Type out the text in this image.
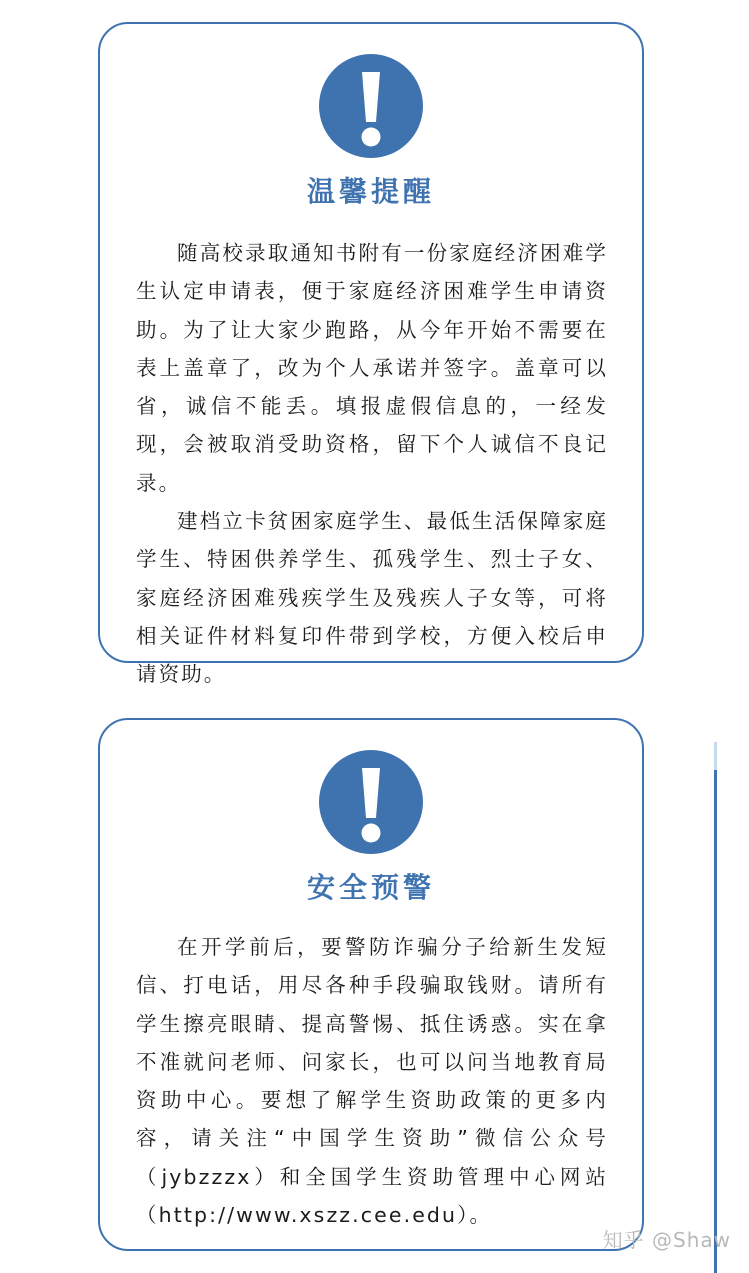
温馨提醒

随高校录取通知书附有一份家庭经济困难学生认定申请表，便于家庭经济困难学生申请资助。为了让大家少跑路，从今年开始不需要在表上盖章了，改为个人承诺并签字。盖章可以省，诚信不能丢。填报虚假信息的，一经发现，会被取消受助资格，留下个人诚信不良记录。

建档立卡贫困家庭学生、最低生活保障家庭学生、特困供养学生、孤残学生、烈士子女、家庭经济困难残疾学生及残疾人子女等，可将相关证件材料复印件带到学校，方便入校后申请资助。

安全预警

在开学前后，要警防诈骗分子给新生发短信、打电话，用尽各种手段骗取钱财。请所有学生擦亮眼睛、提高警惕、抵住诱惑。实在拿不准就问老师、问家长，也可以问当地教育局资助中心。要想了解学生资助政策的更多内容，请关注“中国学生资助”微信公众号（jybzzzx）和全国学生资助管理中心网站（http://www.xszz.cee.edu）。

知乎 @Shaw
